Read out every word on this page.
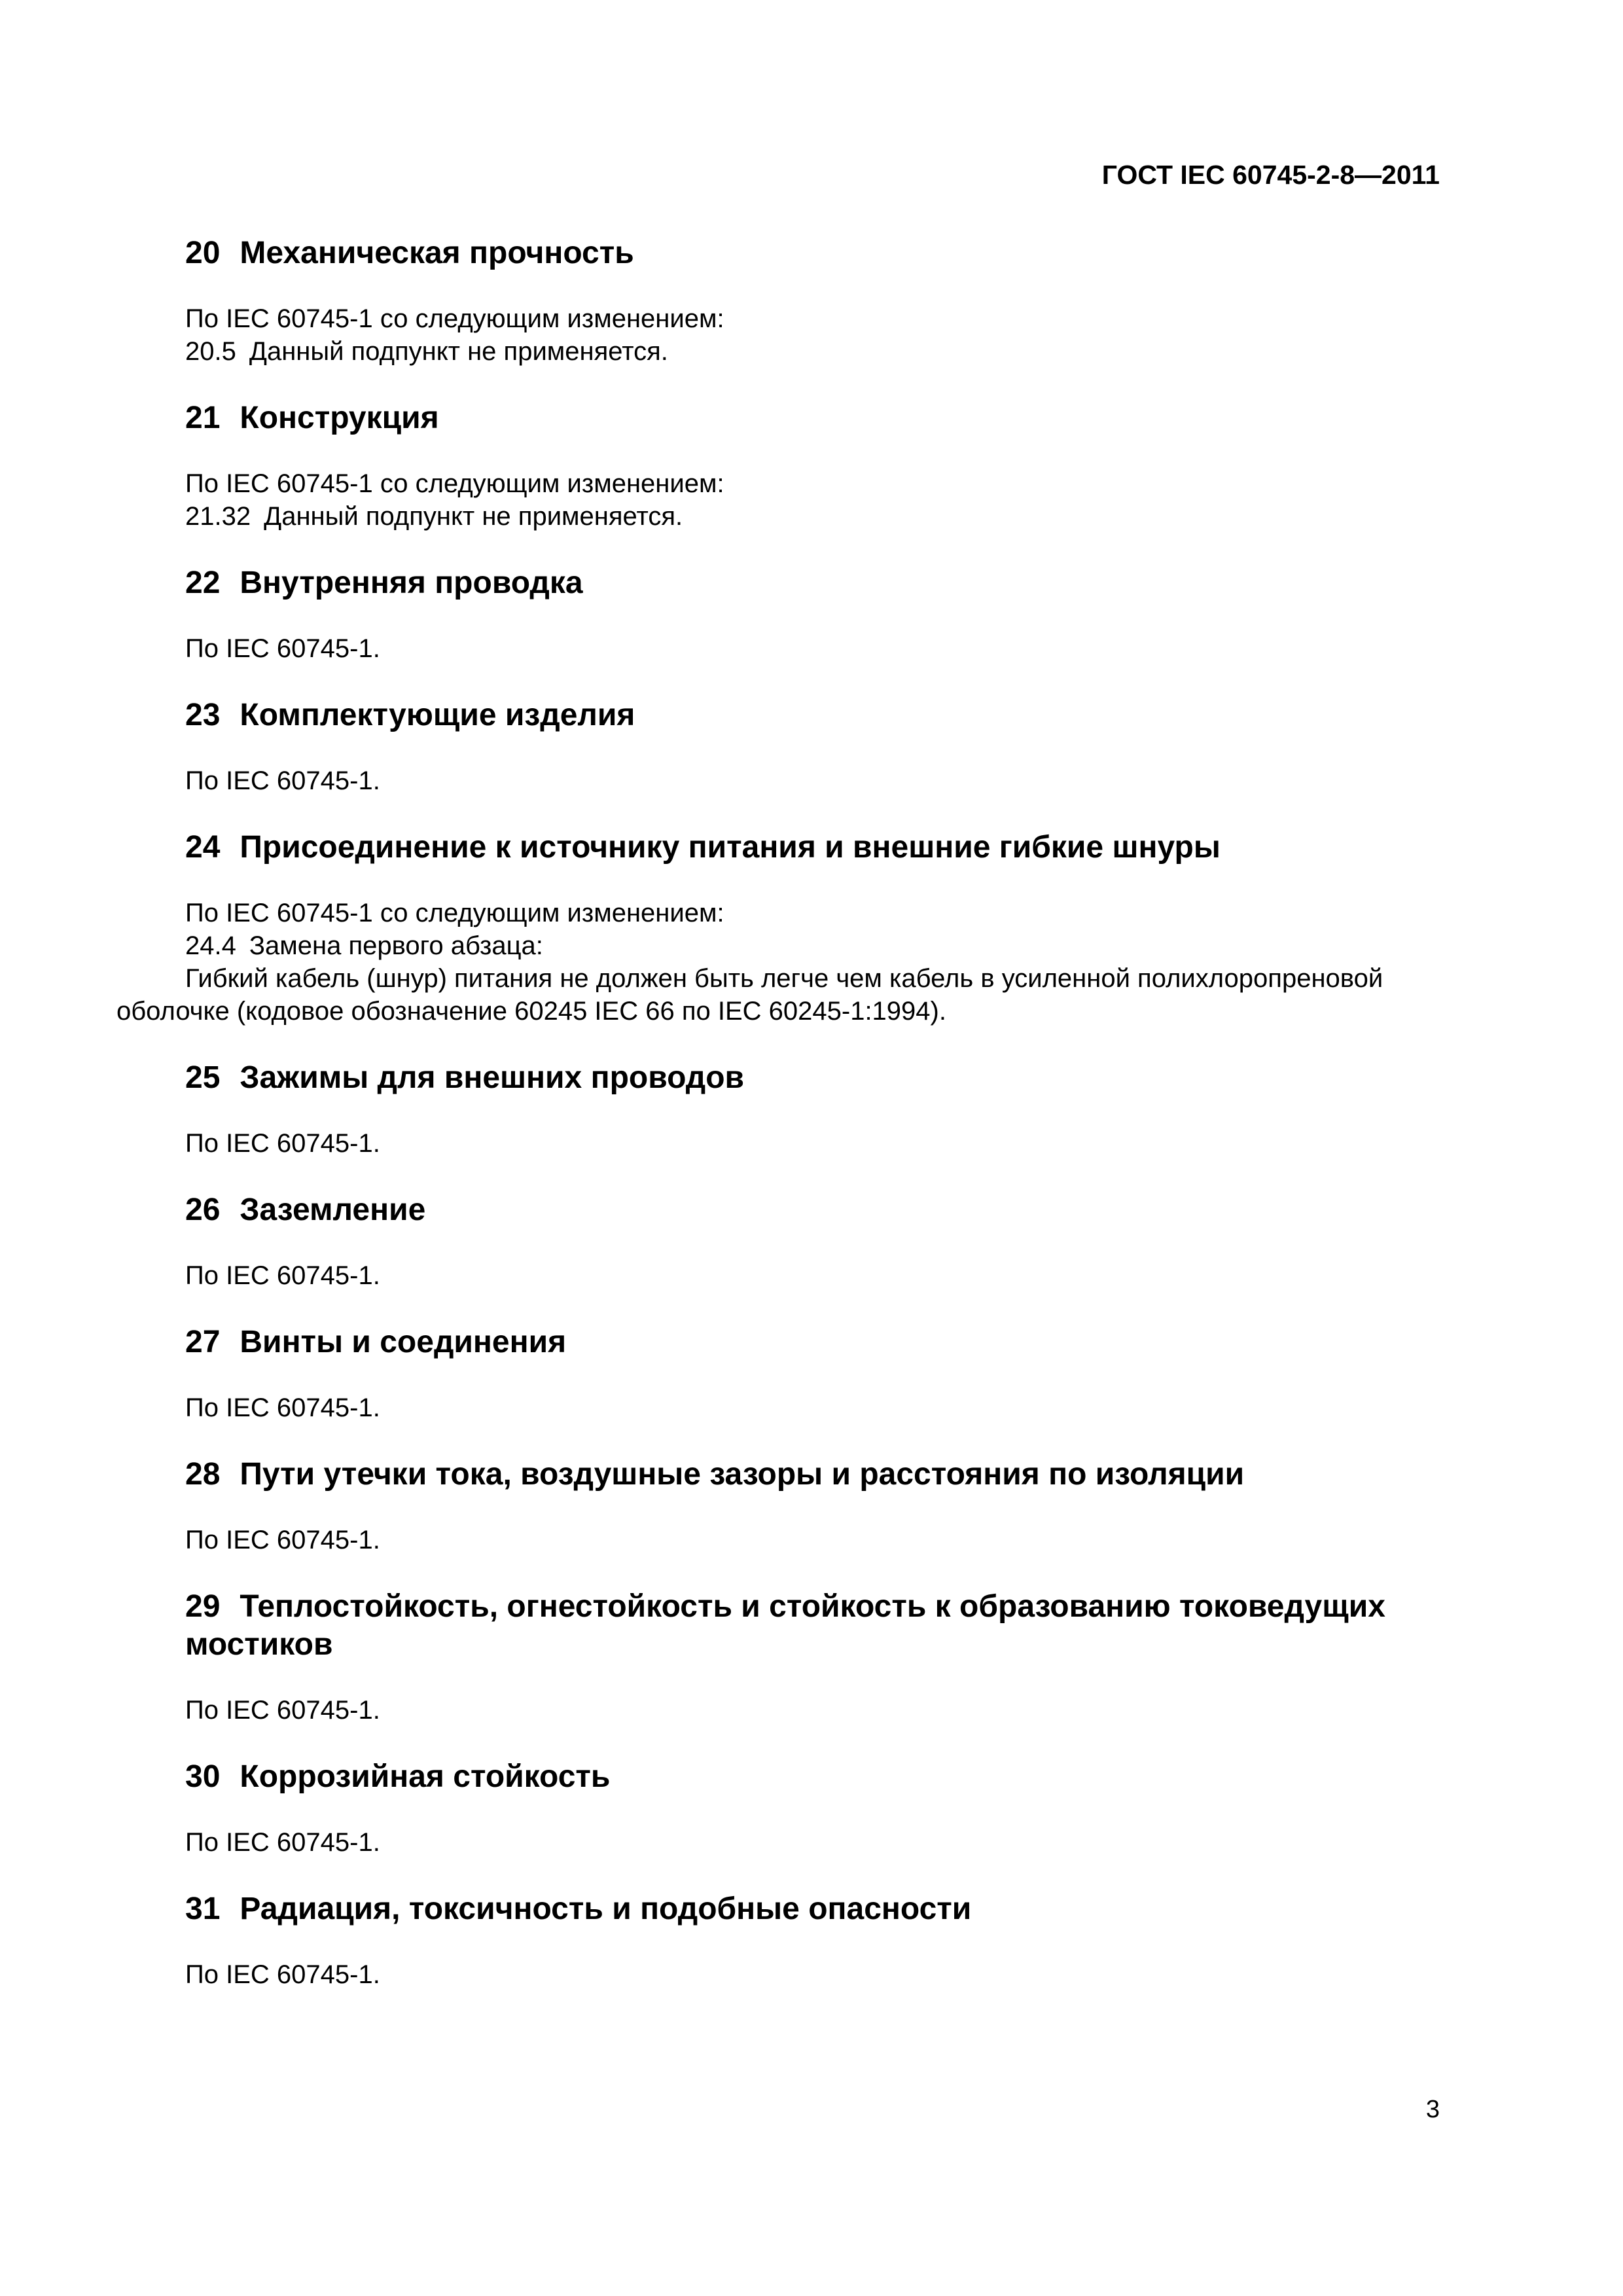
ГОСТ IEC 60745-2-8—2011
20 Механическая прочность

По IEC 60745-1 со следующим изменением:

20.5 Данный подпункт не применяется.

21 Конструкция

По IEC 60745-1 со следующим изменением:

21.32 Данный подпункт не применяется.

22 Внутренняя проводка

По IEC 60745-1.

23 Комплектующие изделия

По IEC 60745-1.

24 Присоединение к источнику питания и внешние гибкие шнуры

По IEC 60745-1 со следующим изменением:

24.4 Замена первого абзаца:

Гибкий кабель (шнур) питания не должен быть легче чем кабель в усиленной полихлоропреновой оболочке (кодовое обозначение 60245 IEC 66 по IEC 60245-1:1994).

25 Зажимы для внешних проводов

По IEC 60745-1.

26 Заземление

По IEC 60745-1.

27 Винты и соединения

По IEC 60745-1.

28 Пути утечки тока, воздушные зазоры и расстояния по изоляции

По IEC 60745-1.

29 Теплостойкость, огнестойкость и стойкость к образованию токоведущих мостиков

По IEC 60745-1.

30 Коррозийная стойкость

По IEC 60745-1.

31 Радиация, токсичность и подобные опасности

По IEC 60745-1.

3
